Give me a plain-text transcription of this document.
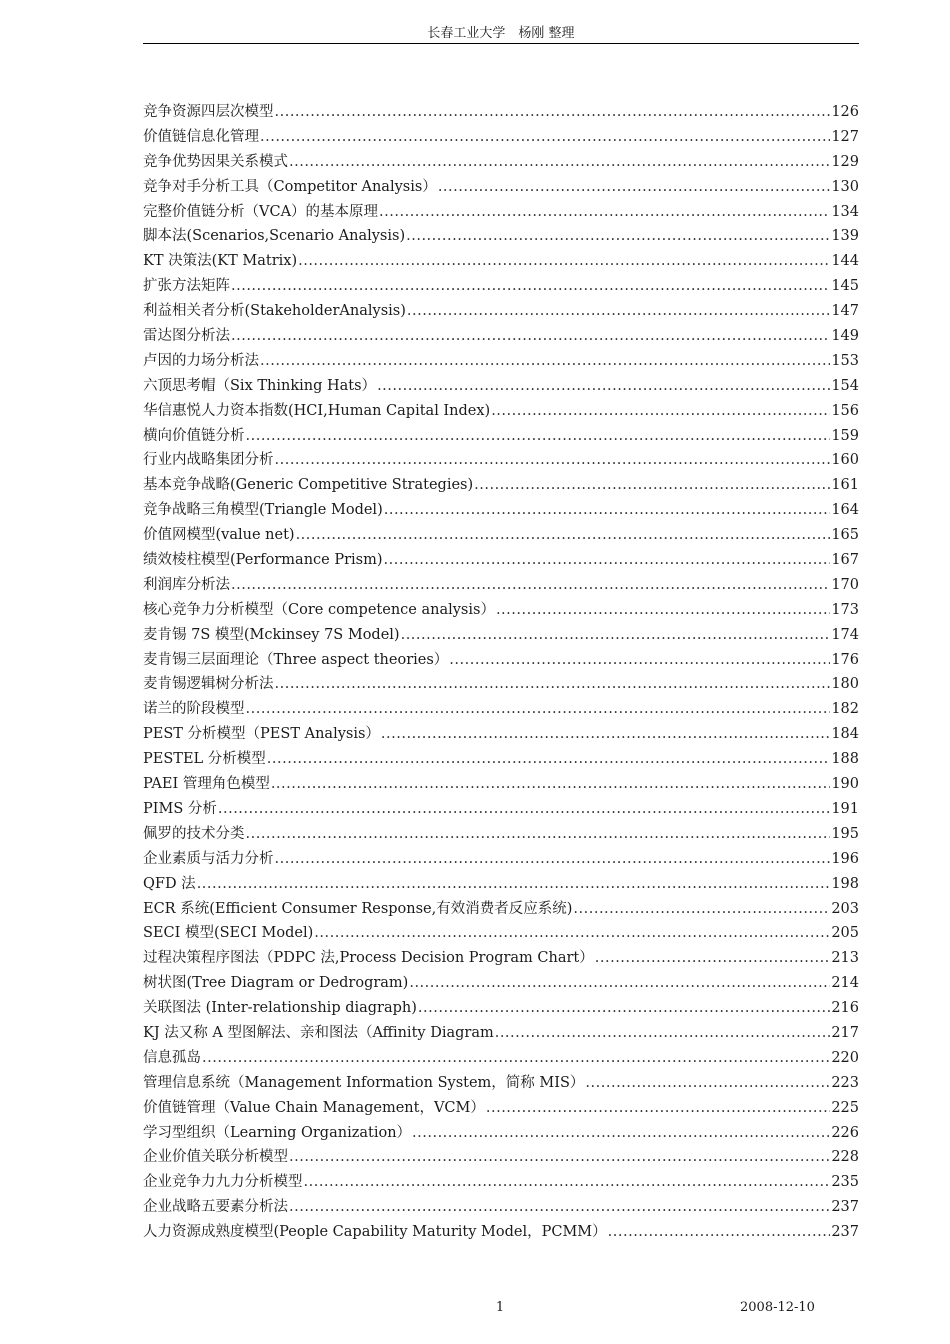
长春工业大学　杨刚 整理
竞争资源四层次模型 .....	126
价值链信息化管理 .....	127
竞争优势因果关系模式 .....	129
竞争对手分析工具（Competitor Analysis） .....	130
完整价值链分析（VCA）的基本原理 .....	134
脚本法(Scenarios,Scenario Analysis) .....	139
KT 决策法(KT Matrix) .....	144
扩张方法矩阵 .....	145
利益相关者分析(StakeholderAnalysis) .....	147
雷达图分析法 .....	149
卢因的力场分析法 .....	153
六顶思考帽（Six Thinking Hats） .....	154
华信惠悦人力资本指数(HCI,Human Capital Index) .....	156
横向价值链分析 .....	159
行业内战略集团分析 .....	160
基本竞争战略(Generic Competitive Strategies) .....	161
竞争战略三角模型(Triangle Model) .....	164
价值网模型(value net) .....	165
绩效棱柱模型(Performance Prism) .....	167
利润库分析法 .....	170
核心竞争力分析模型（Core competence analysis） .....	173
麦肯锡 7S 模型(Mckinsey 7S Model) .....	174
麦肯锡三层面理论（Three aspect theories） .....	176
麦肯锡逻辑树分析法 .....	180
诺兰的阶段模型 .....	182
PEST 分析模型（PEST Analysis） .....	184
PESTEL 分析模型 .....	188
PAEI 管理角色模型 .....	190
PIMS 分析 .....	191
佩罗的技术分类 .....	195
企业素质与活力分析 .....	196
QFD 法 .....	198
ECR 系统(Efficient Consumer Response,有效消费者反应系统) .....	203
SECI 模型(SECI Model) .....	205
过程决策程序图法（PDPC 法,Process Decision Program Chart） .....	213
树状图(Tree Diagram or Dedrogram) .....	214
关联图法 (Inter-relationship diagraph) .....	216
KJ 法又称 A 型图解法、亲和图法（Affinity Diagram .....	217
信息孤岛 .....	220
管理信息系统（Management Information System，简称 MIS） .....	223
价值链管理（Value Chain Management，VCM） .....	225
学习型组织（Learning Organization） .....	226
企业价值关联分析模型 .....	228
企业竞争力九力分析模型 .....	235
企业战略五要素分析法 .....	237
人力资源成熟度模型(People Capability Maturity Model，PCMM） .....	237
1	2008-12-10
